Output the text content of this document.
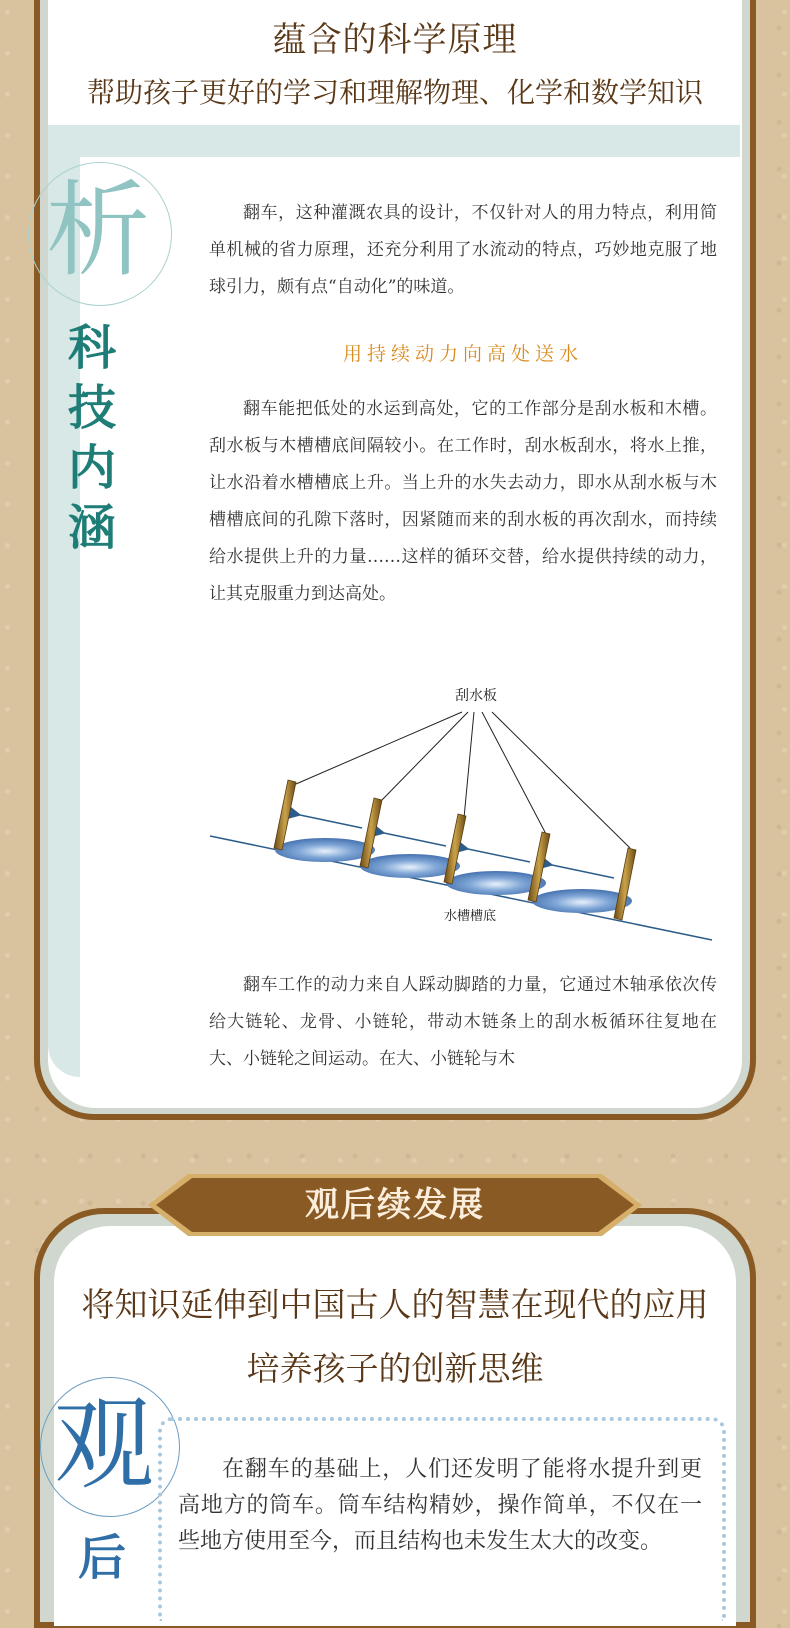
蕴含的科学原理
帮助孩子更好的学习和理解物理、化学和数学知识
析
科
技
内
涵

翻车，这种灌溉农具的设计，不仅针对人的用力特点，利用简单机械的省力原理，还充分利用了水流动的特点，巧妙地克服了地球引力，颇有点“自动化”的味道。

用持续动力向高处送水

翻车能把低处的水运到高处，它的工作部分是刮水板和木槽。刮水板与木槽槽底间隔较小。在工作时，刮水板刮水，将水上推，让水沿着水槽槽底上升。当上升的水失去动力，即水从刮水板与木槽槽底间的孔隙下落时，因紧随而来的刮水板的再次刮水，而持续给水提供上升的力量……这样的循环交替，给水提供持续的动力，让其克服重力到达高处。

刮水板
水槽槽底

翻车工作的动力来自人踩动脚踏的力量，它通过木轴承依次传给大链轮、龙骨、小链轮，带动木链条上的刮水板循环往复地在大、小链轮之间运动。在大、小链轮与木

观后续发展
将知识延伸到中国古人的智慧在现代的应用
培养孩子的创新思维
观
后

在翻车的基础上，人们还发明了能将水提升到更高地方的筒车。筒车结构精妙，操作简单，不仅在一些地方使用至今，而且结构也未发生太大的改变。
